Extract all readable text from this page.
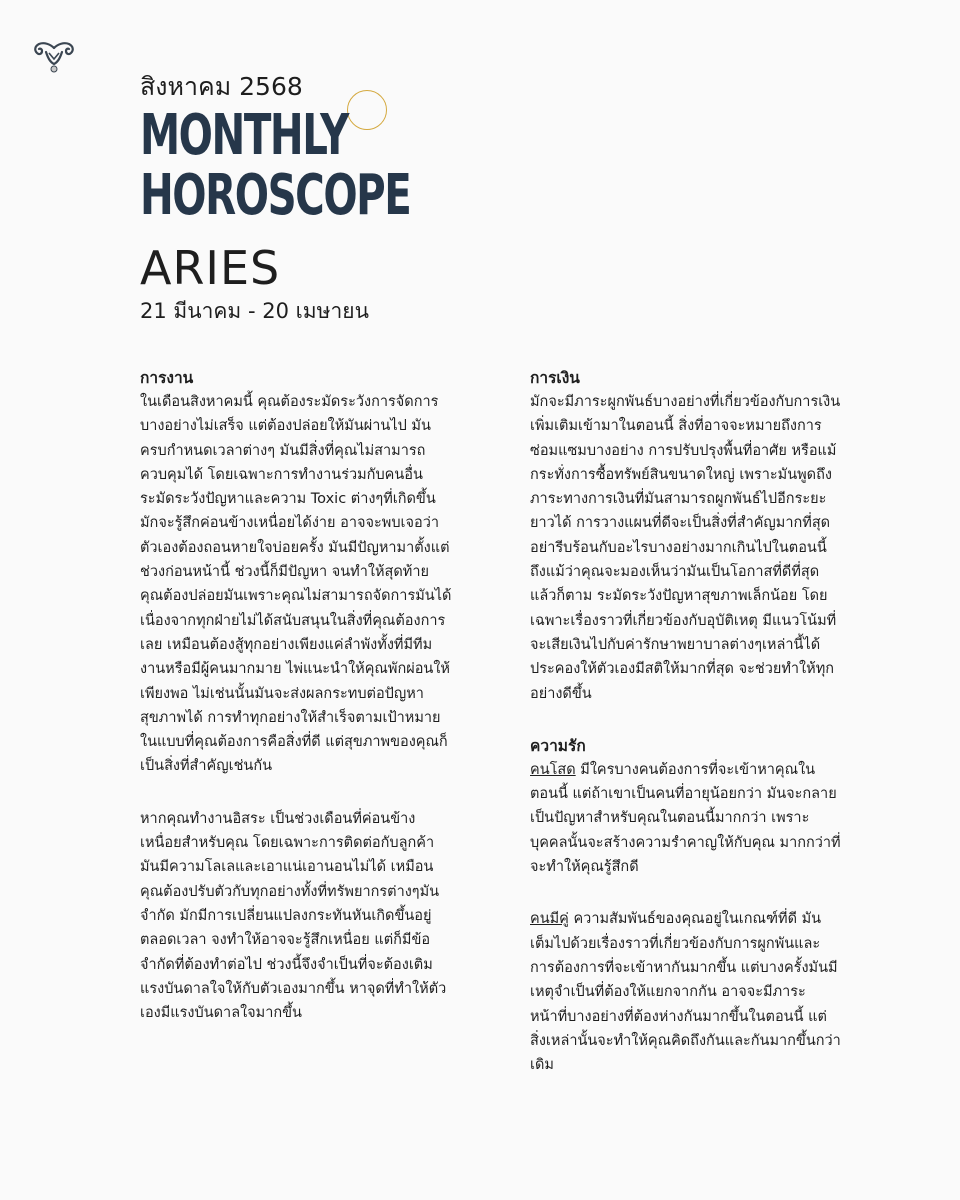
สิงหาคม 2568

MONTHLY

HOROSCOPE

ARIES

21 มีนาคม - 20 เมษายน

การงาน

ในเดือนสิงหาคมนี้ คุณต้องระมัดระวังการจัดการบางอย่างไม่เสร็จ แต่ต้องปล่อยให้มันผ่านไป มันครบกำหนดเวลาต่างๆ มันมีสิ่งที่คุณไม่สามารถควบคุมได้ โดยเฉพาะการทำงานร่วมกับคนอื่น ระมัดระวังปัญหาและความ Toxic ต่างๆที่เกิดขึ้น มักจะรู้สึกค่อนข้างเหนื่อยได้ง่าย อาจจะพบเจอว่าตัวเองต้องถอนหายใจบ่อยครั้ง มันมีปัญหามาตั้งแต่ช่วงก่อนหน้านี้ ช่วงนี้ก็มีปัญหา จนทำให้สุดท้ายคุณต้องปล่อยมันเพราะคุณไม่สามารถจัดการมันได้ เนื่องจากทุกฝ่ายไม่ได้สนับสนุนในสิ่งที่คุณต้องการเลย เหมือนต้องสู้ทุกอย่างเพียงแค่ลำพังทั้งที่มีทีมงานหรือมีผู้คนมากมาย ไพ่แนะนำให้คุณพักผ่อนให้เพียงพอ ไม่เช่นนั้นมันจะส่งผลกระทบต่อปัญหาสุขภาพได้ การทำทุกอย่างให้สำเร็จตามเป้าหมายในแบบที่คุณต้องการคือสิ่งที่ดี แต่สุขภาพของคุณก็เป็นสิ่งที่สำคัญเช่นกัน

หากคุณทำงานอิสระ เป็นช่วงเดือนที่ค่อนข้างเหนื่อยสำหรับคุณ โดยเฉพาะการติดต่อกับลูกค้า มันมีความโลเลและเอาแน่เอานอนไม่ได้ เหมือนคุณต้องปรับตัวกับทุกอย่างทั้งที่ทรัพยากรต่างๆมันจำกัด มักมีการเปลี่ยนแปลงกระทันหันเกิดขึ้นอยู่ตลอดเวลา จงทำให้อาจจะรู้สึกเหนื่อย แต่ก็มีข้อจำกัดที่ต้องทำต่อไป ช่วงนี้จึงจำเป็นที่จะต้องเติมแรงบันดาลใจให้กับตัวเองมากขึ้น หาจุดที่ทำให้ตัวเองมีแรงบันดาลใจมากขึ้น

การเงิน

มักจะมีภาระผูกพันธ์บางอย่างที่เกี่ยวข้องกับการเงินเพิ่มเติมเข้ามาในตอนนี้ สิ่งที่อาจจะหมายถึงการซ่อมแซมบางอย่าง การปรับปรุงพื้นที่อาศัย หรือแม้กระทั่งการซื้อทรัพย์สินขนาดใหญ่ เพราะมันพูดถึงภาระทางการเงินที่มันสามารถผูกพันธ์ไปอีกระยะยาวได้ การวางแผนที่ดีจะเป็นสิ่งที่สำคัญมากที่สุด อย่ารีบร้อนกับอะไรบางอย่างมากเกินไปในตอนนี้ ถึงแม้ว่าคุณจะมองเห็นว่ามันเป็นโอกาสที่ดีที่สุดแล้วก็ตาม ระมัดระวังปัญหาสุขภาพเล็กน้อย โดยเฉพาะเรื่องราวที่เกี่ยวข้องกับอุบัติเหตุ มีแนวโน้มที่จะเสียเงินไปกับค่ารักษาพยาบาลต่างๆเหล่านี้ได้ ประคองให้ตัวเองมีสติให้มากที่สุด จะช่วยทำให้ทุกอย่างดีขึ้น

ความรัก

คนโสด มีใครบางคนต้องการที่จะเข้าหาคุณในตอนนี้ แต่ถ้าเขาเป็นคนที่อายุน้อยกว่า มันจะกลายเป็นปัญหาสำหรับคุณในตอนนี้มากกว่า เพราะบุคคลนั้นจะสร้างความรำคาญให้กับคุณ มากกว่าที่จะทำให้คุณรู้สึกดี

คนมีคู่ ความสัมพันธ์ของคุณอยู่ในเกณฑ์ที่ดี มันเต็มไปด้วยเรื่องราวที่เกี่ยวข้องกับการผูกพันและการต้องการที่จะเข้าหากันมากขึ้น แต่บางครั้งมันมีเหตุจำเป็นที่ต้องให้แยกจากกัน อาจจะมีภาระหน้าที่บางอย่างที่ต้องห่างกันมากขึ้นในตอนนี้ แต่สิ่งเหล่านั้นจะทำให้คุณคิดถึงกันและกันมากขึ้นกว่าเดิม
